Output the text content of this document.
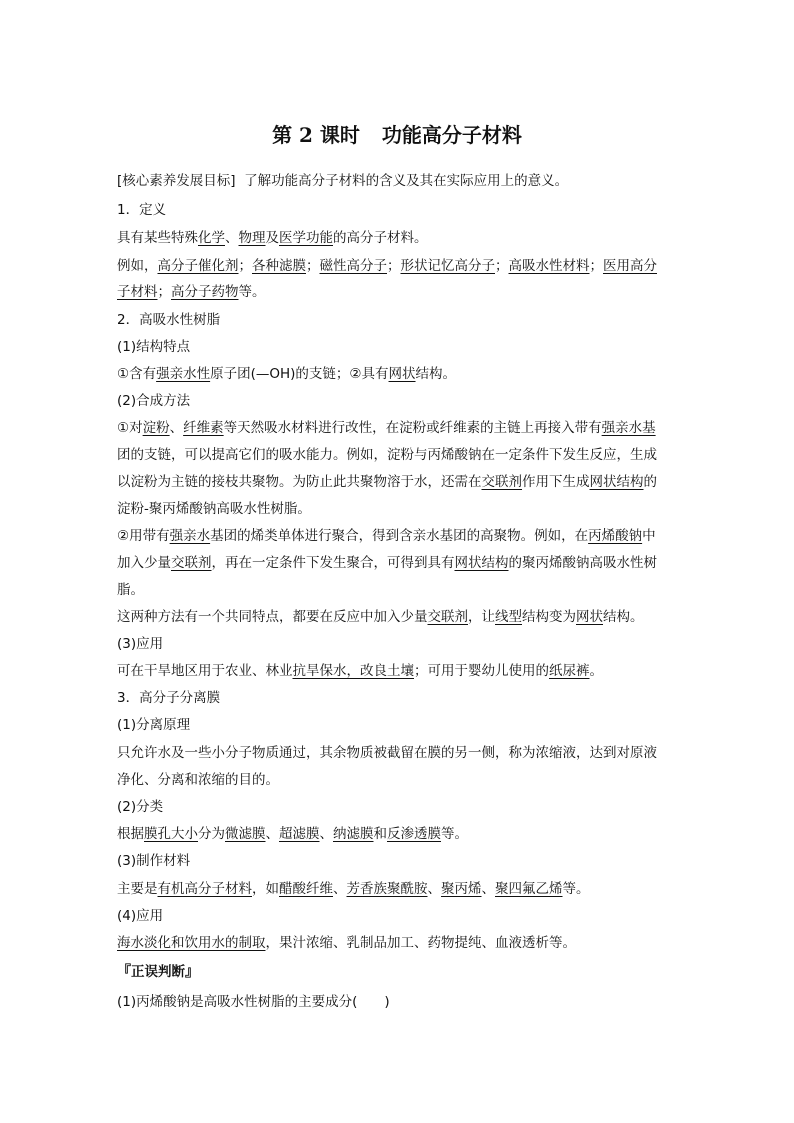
第 2 课时 功能高分子材料
[核心素养发展目标] 了解功能高分子材料的含义及其在实际应用上的意义。
1．定义
具有某些特殊化学、物理及医学功能的高分子材料。
例如，高分子催化剂；各种滤膜；磁性高分子；形状记忆高分子；高吸水性材料；医用高分
子材料；高分子药物等。
2．高吸水性树脂
(1)结构特点
①含有强亲水性原子团(—OH)的支链；②具有网状结构。
(2)合成方法
①对淀粉、纤维素等天然吸水材料进行改性，在淀粉或纤维素的主链上再接入带有强亲水基
团的支链，可以提高它们的吸水能力。例如，淀粉与丙烯酸钠在一定条件下发生反应，生成
以淀粉为主链的接枝共聚物。为防止此共聚物溶于水，还需在交联剂作用下生成网状结构的
淀粉-聚丙烯酸钠高吸水性树脂。
②用带有强亲水基团的烯类单体进行聚合，得到含亲水基团的高聚物。例如，在丙烯酸钠中
加入少量交联剂，再在一定条件下发生聚合，可得到具有网状结构的聚丙烯酸钠高吸水性树
脂。
这两种方法有一个共同特点，都要在反应中加入少量交联剂，让线型结构变为网状结构。
(3)应用
可在干旱地区用于农业、林业抗旱保水，改良土壤；可用于婴幼儿使用的纸尿裤。
3．高分子分离膜
(1)分离原理
只允许水及一些小分子物质通过，其余物质被截留在膜的另一侧，称为浓缩液，达到对原液
净化、分离和浓缩的目的。
(2)分类
根据膜孔大小分为微滤膜、超滤膜、纳滤膜和反渗透膜等。
(3)制作材料
主要是有机高分子材料，如醋酸纤维、芳香族聚酰胺、聚丙烯、聚四氟乙烯等。
(4)应用
海水淡化和饮用水的制取，果汁浓缩、乳制品加工、药物提纯、血液透析等。
『正误判断』
(1)丙烯酸钠是高吸水性树脂的主要成分(　　)
